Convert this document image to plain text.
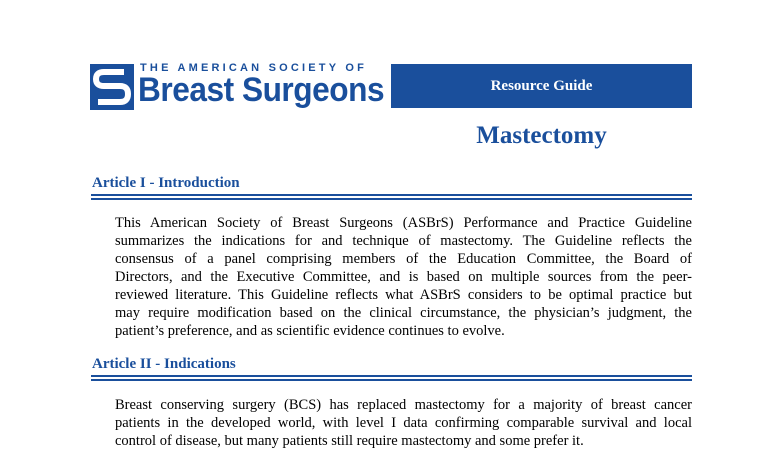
THE AMERICAN SOCIETY OF
Breast Surgeons	Resource Guide
Mastectomy
Article I - Introduction
This American Society of Breast Surgeons (ASBrS) Performance and Practice Guideline
summarizes the indications for and technique of mastectomy. The Guideline reflects the
consensus of a panel comprising members of the Education Committee, the Board of
Directors, and the Executive Committee, and is based on multiple sources from the peer-
reviewed literature. This Guideline reflects what ASBrS considers to be optimal practice but
may require modification based on the clinical circumstance, the physician’s judgment, the
patient’s preference, and as scientific evidence continues to evolve.
Article II - Indications
Breast conserving surgery (BCS) has replaced mastectomy for a majority of breast cancer
patients in the developed world, with level I data confirming comparable survival and local
control of disease, but many patients still require mastectomy and some prefer it.
